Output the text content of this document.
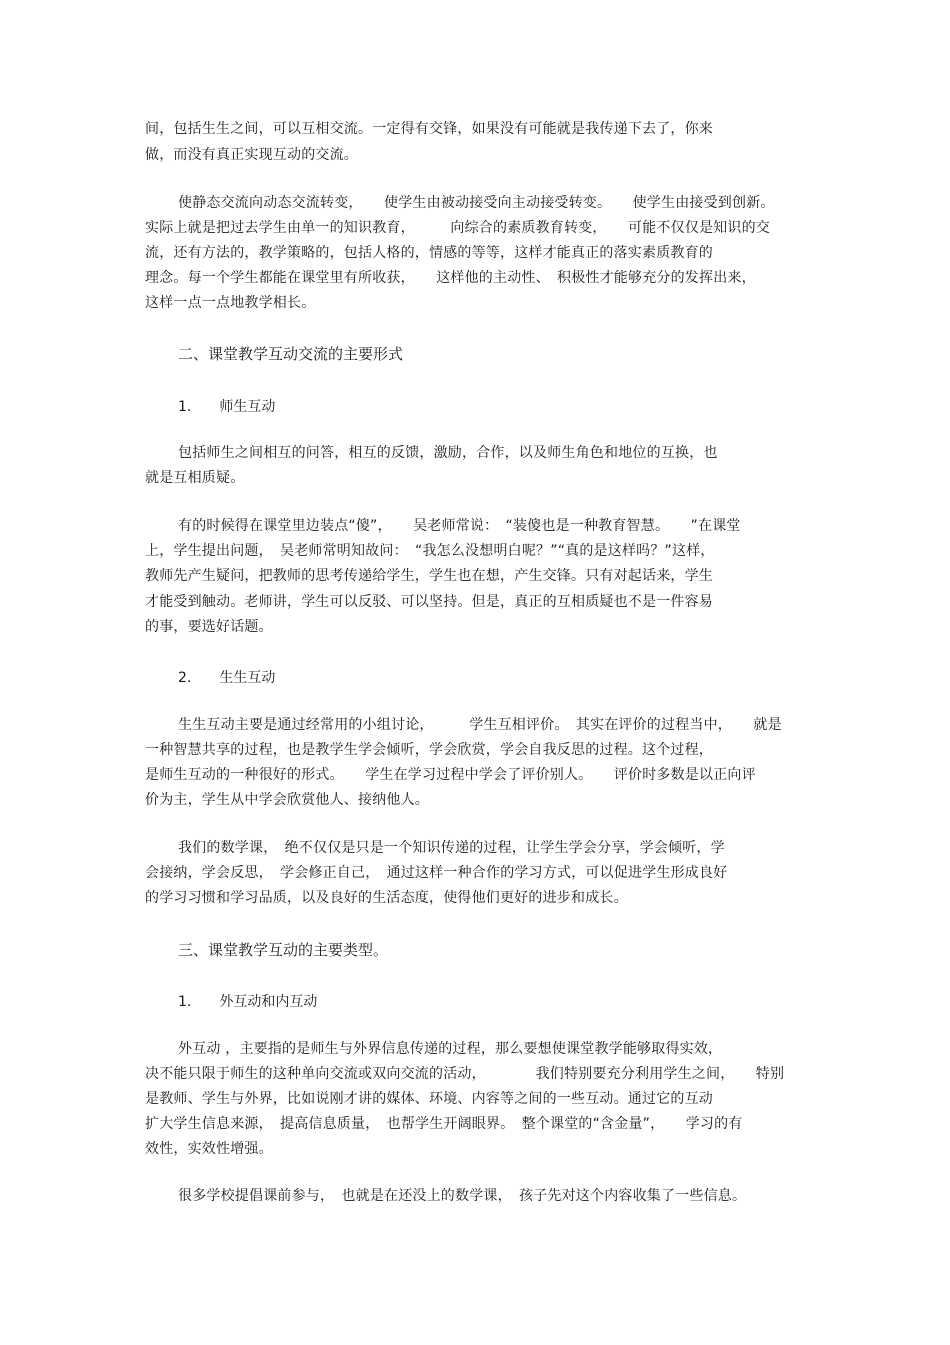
间，包括生生之间，可以互相交流。一定得有交锋，如果没有可能就是我传递下去了，你来
做，而没有真正实现互动的交流。
使静态交流向动态交流转变，　　使学生由被动接受向主动接受转变。　　使学生由接受到创新。
实际上就是把过去学生由单一的知识教育，　　　向综合的素质教育转变，　　可能不仅仅是知识的交
流，还有方法的，教学策略的，包括人格的，情感的等等，这样才能真正的落实素质教育的
理念。每一个学生都能在课堂里有所收获，　　这样他的主动性、　积极性才能够充分的发挥出来，
这样一点一点地教学相长。
二、课堂教学互动交流的主要形式
1.　　师生互动
包括师生之间相互的问答，相互的反馈，激励，合作，以及师生角色和地位的互换，也
就是互相质疑。
有的时候得在课堂里边装点“傻”，　　吴老师常说：　“装傻也是一种教育智慧。　　”在课堂
上，学生提出问题，　吴老师常明知故问：　“我怎么没想明白呢？”“真的是这样吗？”这样，
教师先产生疑问，把教师的思考传递给学生，学生也在想，产生交锋。只有对起话来，学生
才能受到触动。老师讲，学生可以反驳、可以坚持。但是，真正的互相质疑也不是一件容易
的事，要选好话题。
2.　　生生互动
生生互动主要是通过经常用的小组讨论，　　　学生互相评价。　其实在评价的过程当中，　　就是
一种智慧共享的过程，也是教学生学会倾听，学会欣赏，学会自我反思的过程。这个过程，
是师生互动的一种很好的形式。　　学生在学习过程中学会了评价别人。　　评价时多数是以正向评
价为主，学生从中学会欣赏他人、接纳他人。
我们的数学课，　绝不仅仅是只是一个知识传递的过程，让学生学会分享，学会倾听，学
会接纳，学会反思，　学会修正自己，　通过这样一种合作的学习方式，可以促进学生形成良好
的学习习惯和学习品质，以及良好的生活态度，使得他们更好的进步和成长。
三、课堂教学互动的主要类型。
1.　　外互动和内互动
外互动 ，主要指的是师生与外界信息传递的过程，那么要想使课堂教学能够取得实效，
决不能只限于师生的这种单向交流或双向交流的活动，　　　　我们特别要充分利用学生之间，　　特别
是教师、学生与外界，比如说刚才讲的媒体、环境、内容等之间的一些互动。通过它的互动
扩大学生信息来源，　提高信息质量，　也帮学生开阔眼界。　整个课堂的“含金量”，　　学习的有
效性，实效性增强。
很多学校提倡课前参与，　也就是在还没上的数学课，　孩子先对这个内容收集了一些信息。
